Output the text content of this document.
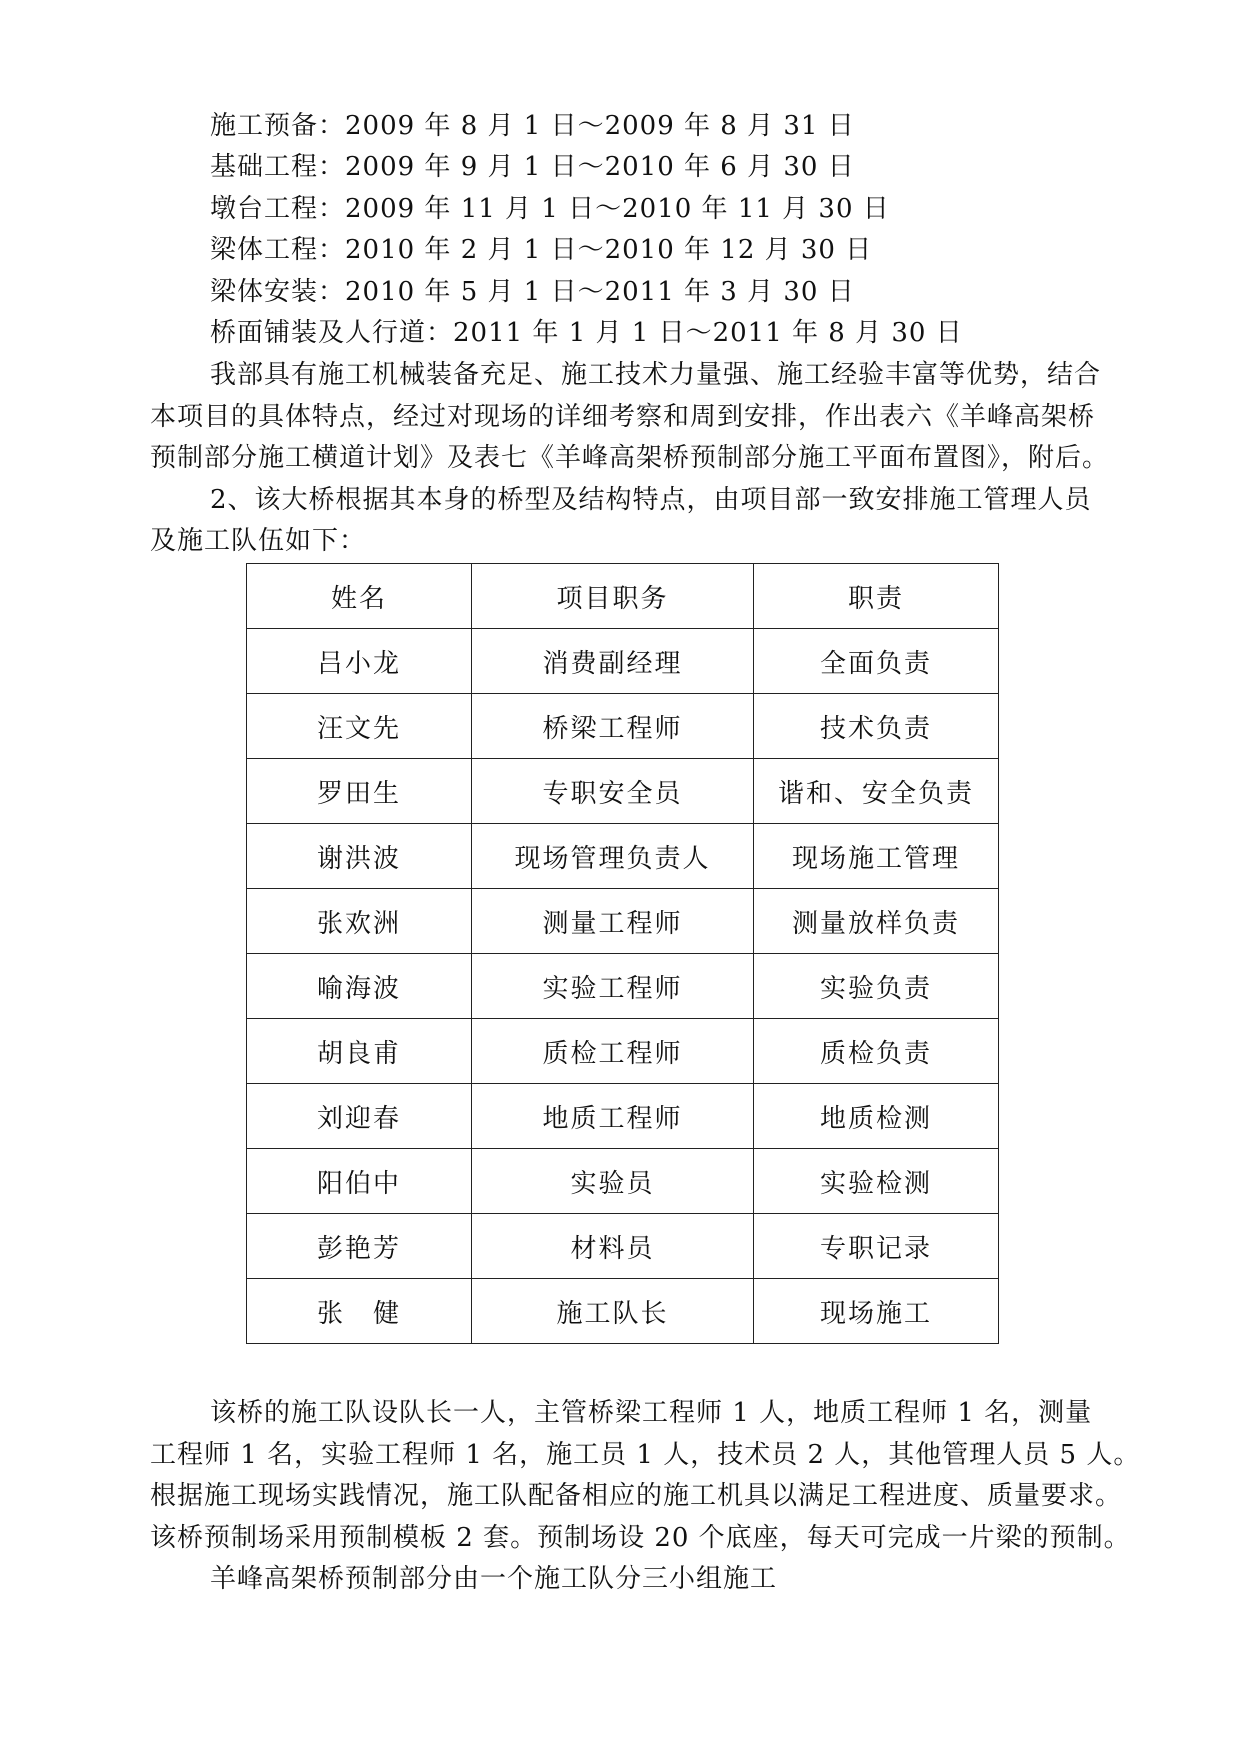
施工预备：2009 年 8 月 1 日～2009 年 8 月 31 日

基础工程：2009 年 9 月 1 日～2010 年 6 月 30 日

墩台工程：2009 年 11 月 1 日～2010 年 11 月 30 日

梁体工程：2010 年 2 月 1 日～2010 年 12 月 30 日

梁体安装：2010 年 5 月 1 日～2011 年 3 月 30 日

桥面铺装及人行道：2011 年 1 月 1 日～2011 年 8 月 30 日

我部具有施工机械装备充足、施工技术力量强、施工经验丰富等优势，结合

本项目的具体特点，经过对现场的详细考察和周到安排，作出表六《羊峰高架桥

预制部分施工横道计划》及表七《羊峰高架桥预制部分施工平面布置图》，附后。

2、该大桥根据其本身的桥型及结构特点，由项目部一致安排施工管理人员

及施工队伍如下：

姓名	项目职务	职责
吕小龙	消费副经理	全面负责
汪文先	桥梁工程师	技术负责
罗田生	专职安全员	谐和、安全负责
谢洪波	现场管理负责人	现场施工管理
张欢洲	测量工程师	测量放样负责
喻海波	实验工程师	实验负责
胡良甫	质检工程师	质检负责
刘迎春	地质工程师	地质检测
阳伯中	实验员	实验检测
彭艳芳	材料员	专职记录
张　健	施工队长	现场施工

该桥的施工队设队长一人，主管桥梁工程师 1 人，地质工程师 1 名，测量

工程师 1 名，实验工程师 1 名，施工员 1 人，技术员 2 人，其他管理人员 5 人。

根据施工现场实践情况，施工队配备相应的施工机具以满足工程进度、质量要求。

该桥预制场采用预制模板 2 套。预制场设 20 个底座，每天可完成一片梁的预制。

羊峰高架桥预制部分由一个施工队分三小组施工
